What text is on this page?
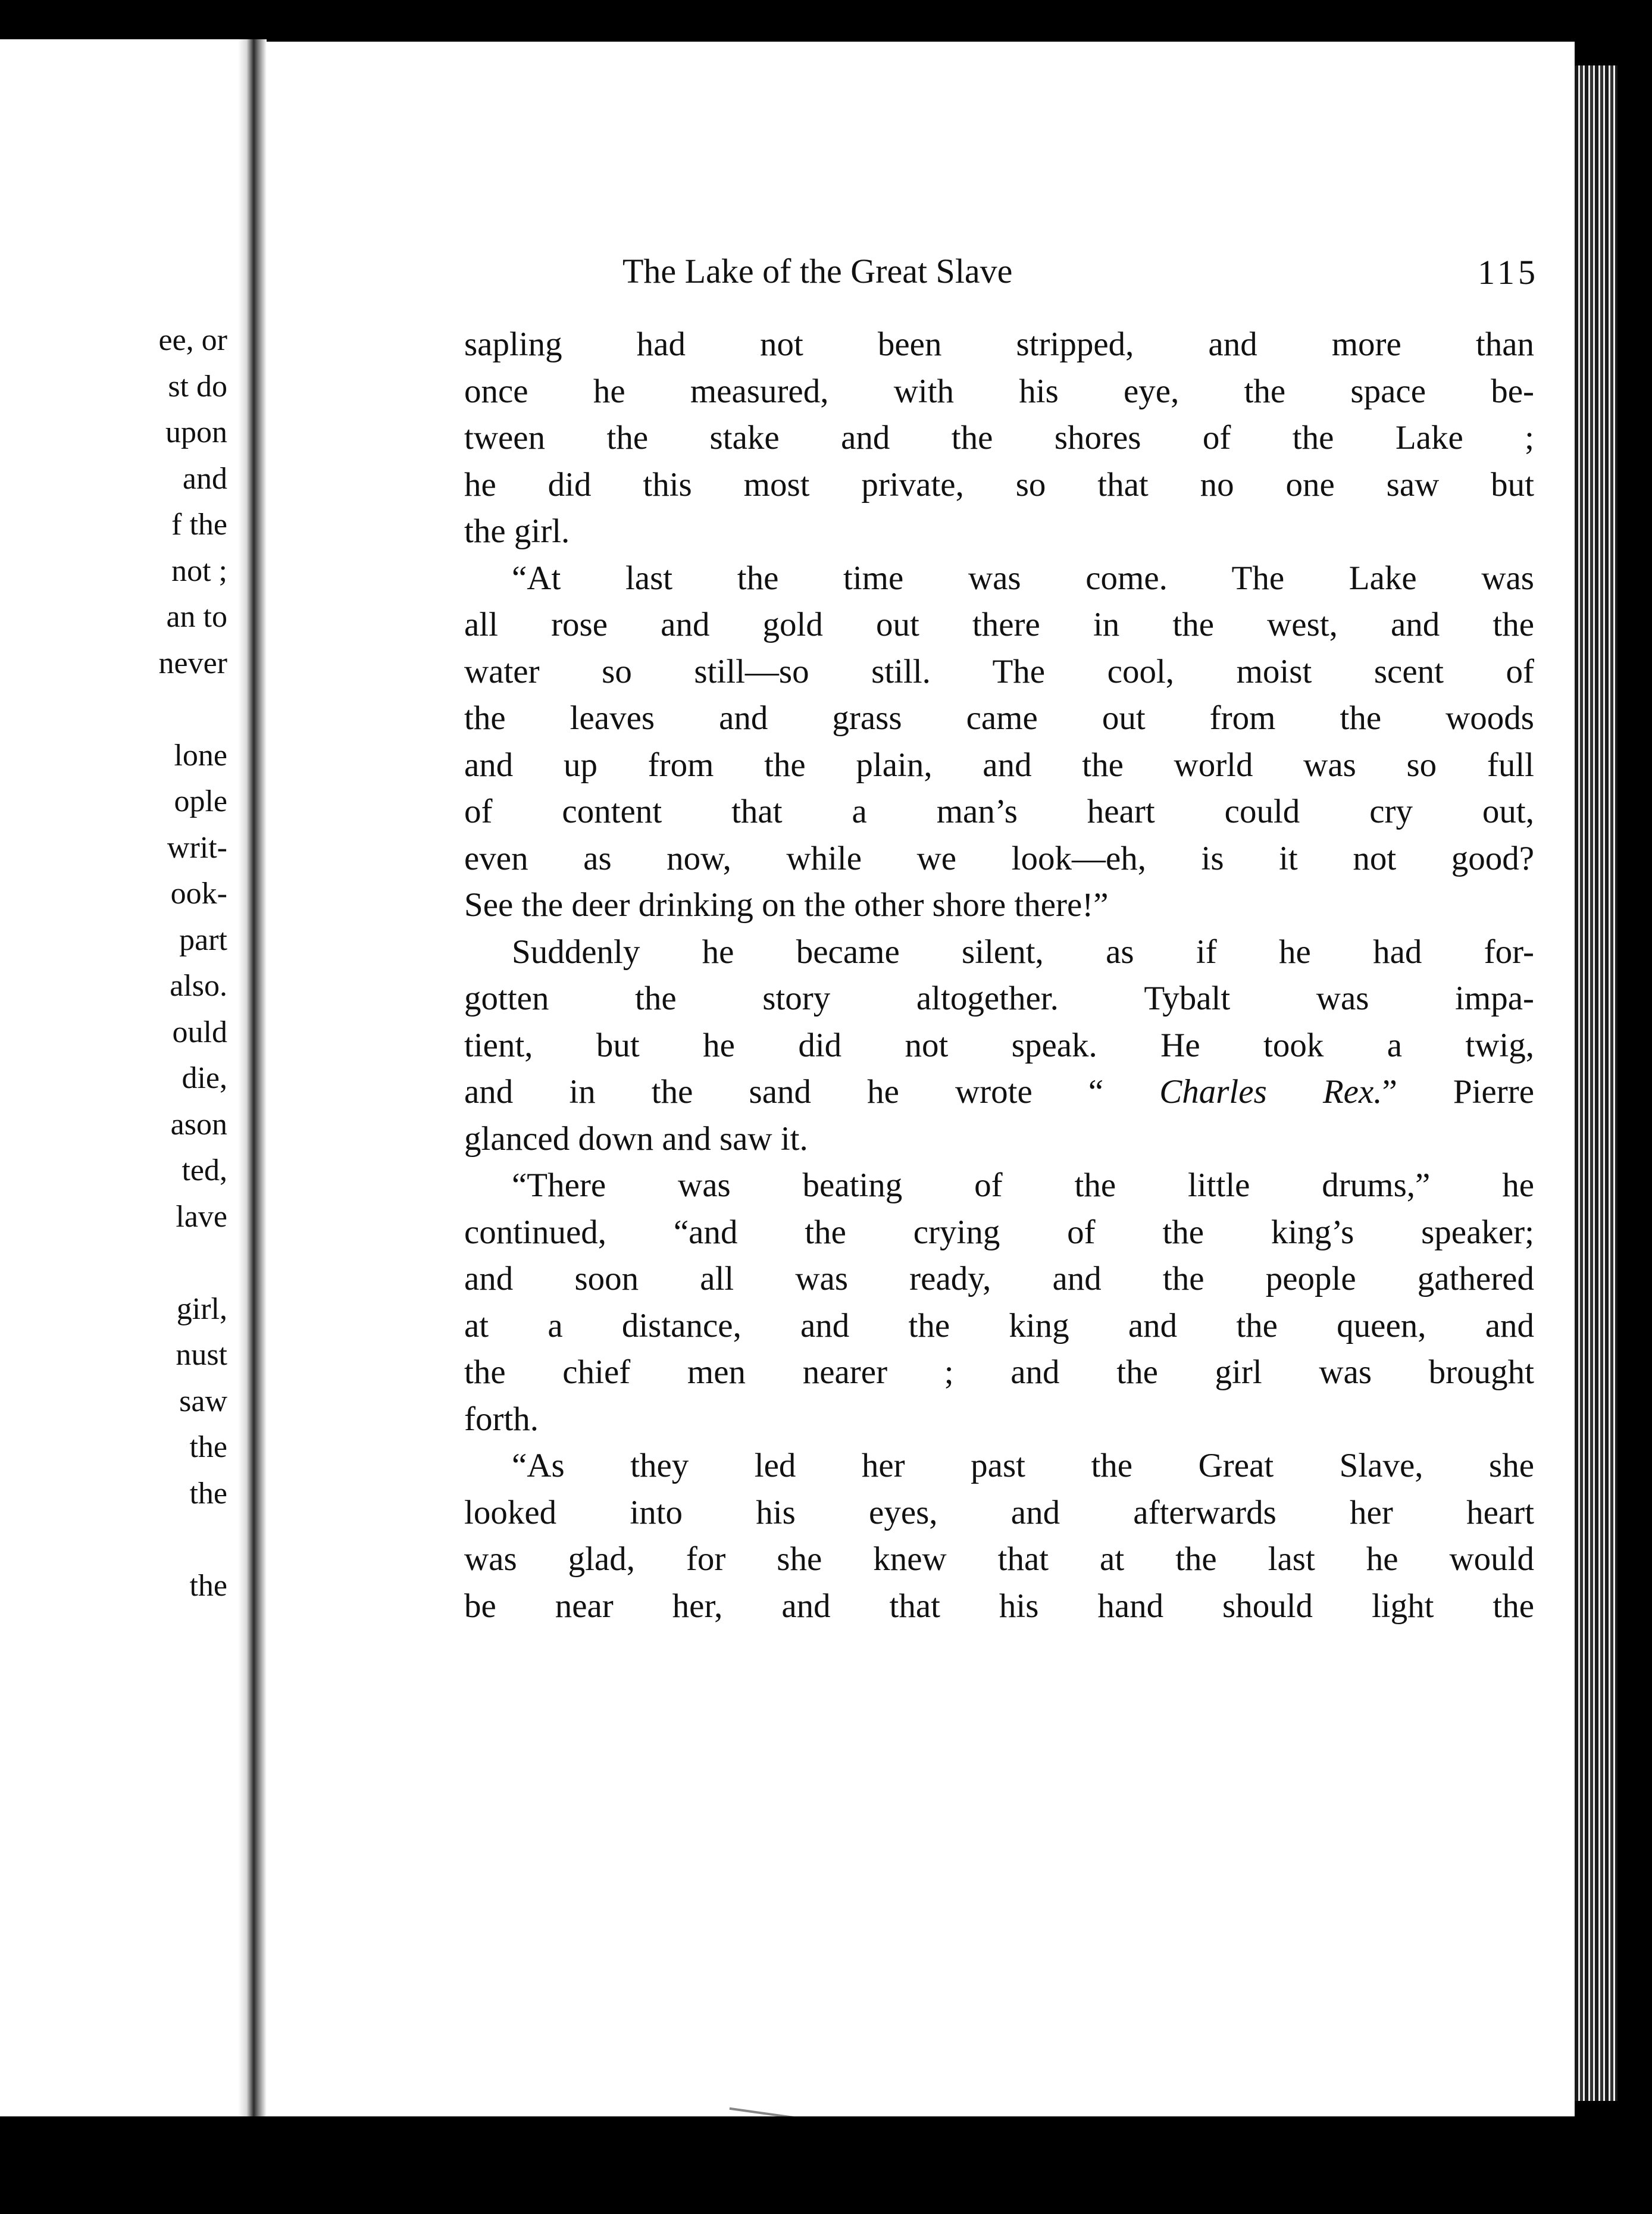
ee, or

st do

upon

and

f the

not ;

an to

never

lone

ople

writ-

ook-

part

also.

ould

die,

ason

ted,

lave

girl,

nust

saw

the

the

the

The Lake of the Great Slave	115

sapling had not been stripped, and more than

once he measured, with his eye, the space be-

tween the stake and the shores of the Lake ;

he did this most private, so that no one saw but

the girl.

“At last the time was come. The Lake was

all rose and gold out there in the west, and the

water so still—so still. The cool, moist scent of

the leaves and grass came out from the woods

and up from the plain, and the world was so full

of content that a man’s heart could cry out,

even as now, while we look—eh, is it not good?

See the deer drinking on the other shore there!”

Suddenly he became silent, as if he had for-

gotten the story altogether. Tybalt was impa-

tient, but he did not speak. He took a twig,

and in the sand he wrote “ Charles Rex.” Pierre

glanced down and saw it.

“There was beating of the little drums,” he

continued, “and the crying of the king’s speaker;

and soon all was ready, and the people gathered

at a distance, and the king and the queen, and

the chief men nearer ; and the girl was brought

forth.

“As they led her past the Great Slave, she

looked into his eyes, and afterwards her heart

was glad, for she knew that at the last he would

be near her, and that his hand should light the
